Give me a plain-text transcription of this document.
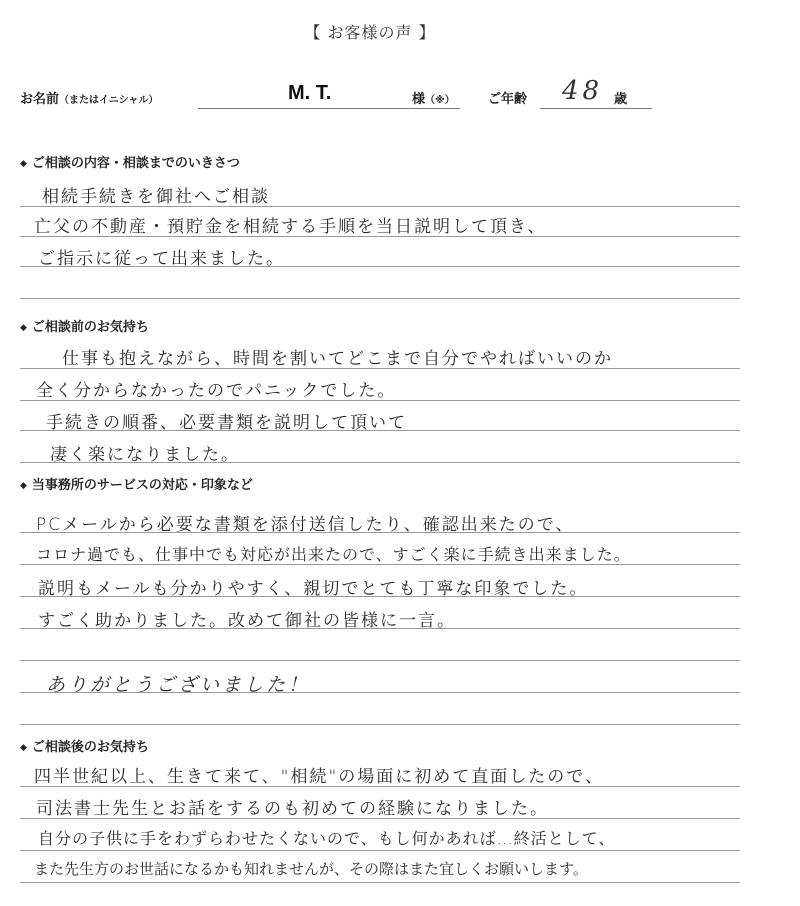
【 お客様の声 】
お名前（またはイニシャル）	M. T.	様（※）	ご年齢 48 歳
◆ ご相談の内容・相談までのいきさつ
相続手続きを御社へご相談
亡父の不動産・預貯金を相続する手順を当日説明して頂き、
ご指示に従って出来ました。
◆ ご相談前のお気持ち
仕事も抱えながら、時間を割いてどこまで自分でやればいいのか
全く分からなかったのでパニックでした。
手続きの順番、必要書類を説明して頂いて
凄く楽になりました。
◆ 当事務所のサービスの対応・印象など
PCメールから必要な書類を添付送信したり、確認出来たので、
コロナ過でも、仕事中でも対応が出来たので、すごく楽に手続き出来ました。
説明もメールも分かりやすく、親切でとても丁寧な印象でした。
すごく助かりました。改めて御社の皆様に一言。
ありがとうございました！
◆ ご相談後のお気持ち
四半世紀以上、生きて来て、"相続"の場面に初めて直面したので、
司法書士先生とお話をするのも初めての経験になりました。
自分の子供に手をわずらわせたくないので、もし何かあれば…終活として、
また先生方のお世話になるかも知れませんが、その際はまた宜しくお願いします。
